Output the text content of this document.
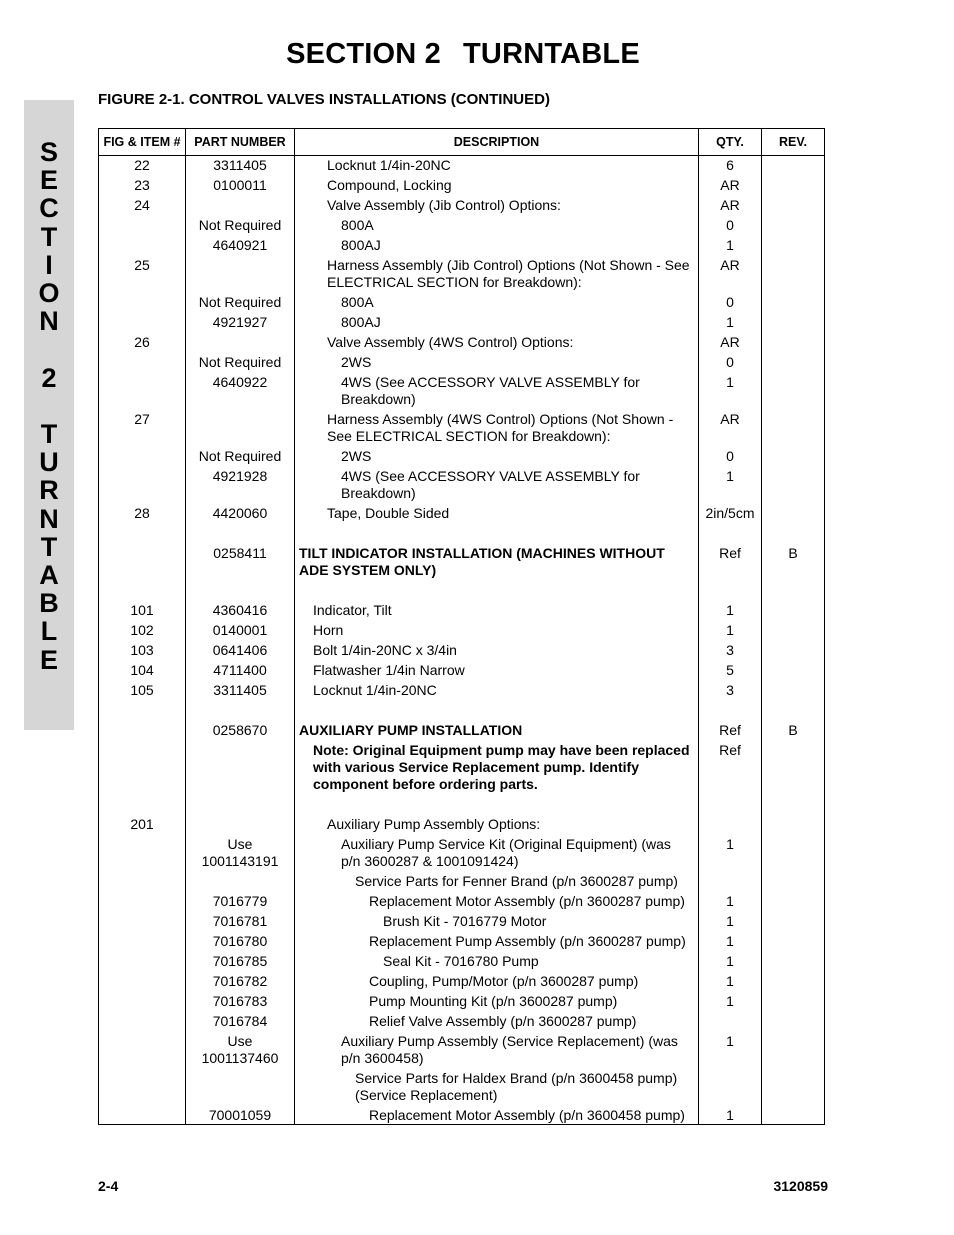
SECTION 2 TURNTABLE
FIGURE 2-1. CONTROL VALVES INSTALLATIONS (CONTINUED)
S
E
C
T
I
O
N
2
T
U
R
N
T
A
B
L
E
FIG & ITEM #	PART NUMBER	DESCRIPTION	QTY.	REV.
22	3311405	Locknut 1/4in-20NC	6	
23	0100011	Compound, Locking	AR	
24		Valve Assembly (Jib Control) Options:	AR	
	Not Required	800A	0	
	4640921	800AJ	1	
25		Harness Assembly (Jib Control) Options (Not Shown - See ELECTRICAL SECTION for Breakdown):	AR	
	Not Required	800A	0	
	4921927	800AJ	1	
26		Valve Assembly (4WS Control) Options:	AR	
	Not Required	2WS	0	
	4640922	4WS (See ACCESSORY VALVE ASSEMBLY for Breakdown)	1	
27		Harness Assembly (4WS Control) Options (Not Shown - See ELECTRICAL SECTION for Breakdown):	AR	
	Not Required	2WS	0	
	4921928	4WS (See ACCESSORY VALVE ASSEMBLY for Breakdown)	1	
28	4420060	Tape, Double Sided	2in/5cm	
	0258411	TILT INDICATOR INSTALLATION (MACHINES WITHOUT ADE SYSTEM ONLY)	Ref	B
101	4360416	Indicator, Tilt	1	
102	0140001	Horn	1	
103	0641406	Bolt 1/4in-20NC x 3/4in	3	
104	4711400	Flatwasher 1/4in Narrow	5	
105	3311405	Locknut 1/4in-20NC	3	
	0258670	AUXILIARY PUMP INSTALLATION	Ref	B
		Note: Original Equipment pump may have been replaced with various Service Replacement pump. Identify component before ordering parts.	Ref	
201		Auxiliary Pump Assembly Options:		
	Use 1001143191	Auxiliary Pump Service Kit (Original Equipment) (was p/n 3600287 & 1001091424)	1	
		Service Parts for Fenner Brand (p/n 3600287 pump)		
	7016779	Replacement Motor Assembly (p/n 3600287 pump)	1	
	7016781	Brush Kit - 7016779 Motor	1	
	7016780	Replacement Pump Assembly (p/n 3600287 pump)	1	
	7016785	Seal Kit - 7016780 Pump	1	
	7016782	Coupling, Pump/Motor (p/n 3600287 pump)	1	
	7016783	Pump Mounting Kit (p/n 3600287 pump)	1	
	7016784	Relief Valve Assembly (p/n 3600287 pump)		
	Use 1001137460	Auxiliary Pump Assembly (Service Replacement) (was p/n 3600458)	1	
		Service Parts for Haldex Brand (p/n 3600458 pump) (Service Replacement)		
	70001059	Replacement Motor Assembly (p/n 3600458 pump)	1	
2-4	3120859
